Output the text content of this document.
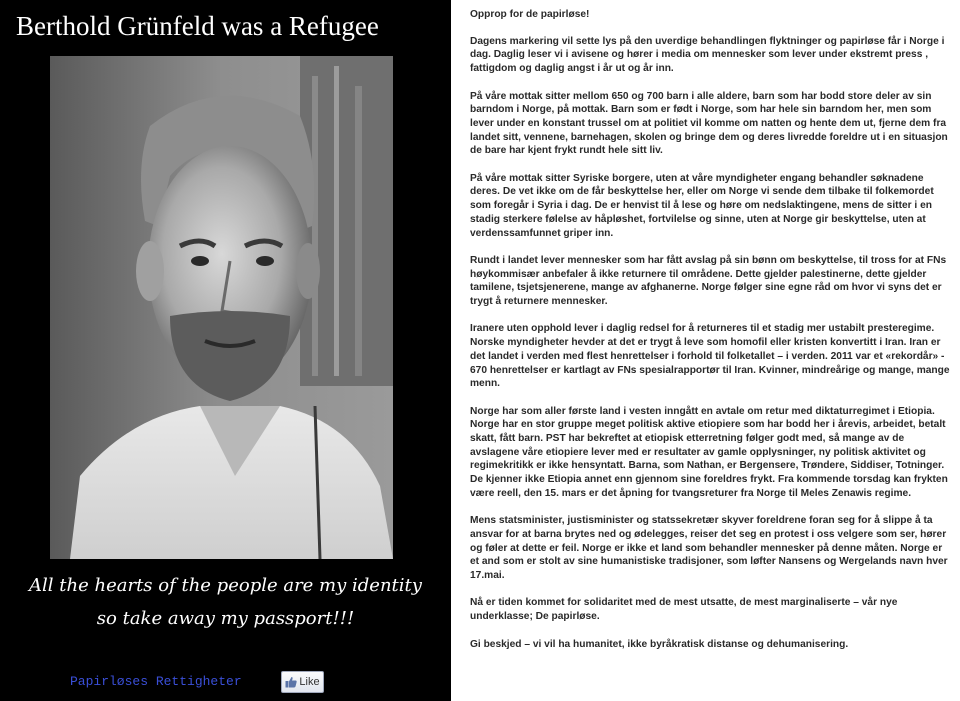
Berthold Grünfeld was a Refugee
All the hearts of the people are my identity
so take away my passport!!!
Papirløses Rettigheter	Like
Opprop for de papirløse!

Dagens markering vil sette lys på den uverdige behandlingen flyktninger og papirløse får i Norge i dag. Daglig leser vi i avisene og hører i media om mennesker som lever under ekstremt press , fattigdom og daglig angst i år ut og år inn.

På våre mottak sitter mellom 650 og 700 barn i alle aldere, barn som har bodd store deler av sin barndom i Norge, på mottak. Barn som er født i Norge, som har hele sin barndom her, men som lever under en konstant trussel om at politiet vil komme om natten og hente dem ut, fjerne dem fra landet sitt, vennene, barnehagen, skolen og bringe dem og deres livredde foreldre ut i en situasjon de bare har kjent frykt rundt hele sitt liv.

På våre mottak sitter Syriske borgere, uten at våre myndigheter engang behandler søknadene deres. De vet ikke om de får beskyttelse her, eller om Norge vi sende dem tilbake til folkemordet som foregår i Syria i dag. De er henvist til å lese og høre om nedslaktingene, mens de sitter i en stadig sterkere følelse av håpløshet, fortvilelse og sinne, uten at Norge gir beskyttelse, uten at verdenssamfunnet griper inn.

Rundt i landet lever mennesker som har fått avslag på sin bønn om beskyttelse, til tross for at FNs høykommisær anbefaler å ikke returnere til områdene. Dette gjelder palestinerne, dette gjelder tamilene, tsjetsjenerene, mange av afghanerne. Norge følger sine egne råd om hvor vi syns det er trygt å returnere mennesker.

Iranere uten opphold lever i daglig redsel for å returneres til et stadig mer ustabilt presteregime. Norske myndigheter hevder at det er trygt å leve som homofil eller kristen konvertitt i Iran. Iran er det landet i verden med flest henrettelser i forhold til folketallet – i verden. 2011 var et «rekordår» - 670 henrettelser er kartlagt av FNs spesialrapportør til Iran. Kvinner, mindreårige og mange, mange menn.

Norge har som aller første land i vesten inngått en avtale om retur med diktaturregimet i Etiopia. Norge har en stor gruppe meget politisk aktive etiopiere som har bodd her i årevis, arbeidet, betalt skatt, fått barn. PST har bekreftet at etiopisk etterretning følger godt med, så mange av de avslagene våre etiopiere lever med er resultater av gamle opplysninger, ny politisk aktivitet og regimekritikk er ikke hensyntatt. Barna, som Nathan, er Bergensere, Trøndere, Siddiser, Totninger. De kjenner ikke Etiopia annet enn gjennom sine foreldres frykt. Fra kommende torsdag kan frykten være reell, den 15. mars er det åpning for tvangsreturer fra Norge til Meles Zenawis regime.

Mens statsminister, justisminister og statssekretær skyver foreldrene foran seg for å slippe å ta ansvar for at barna brytes ned og ødelegges, reiser det seg en protest i oss velgere som ser, hører og føler at dette er feil. Norge er ikke et land som behandler mennesker på denne måten. Norge er et and som er stolt av sine humanistiske tradisjoner, som løfter Nansens og Wergelands navn hver 17.mai.

Nå er tiden kommet for solidaritet med de mest utsatte, de mest marginaliserte – vår nye underklasse; De papirløse.

Gi beskjed – vi vil ha humanitet, ikke byråkratisk distanse og dehumanisering.
